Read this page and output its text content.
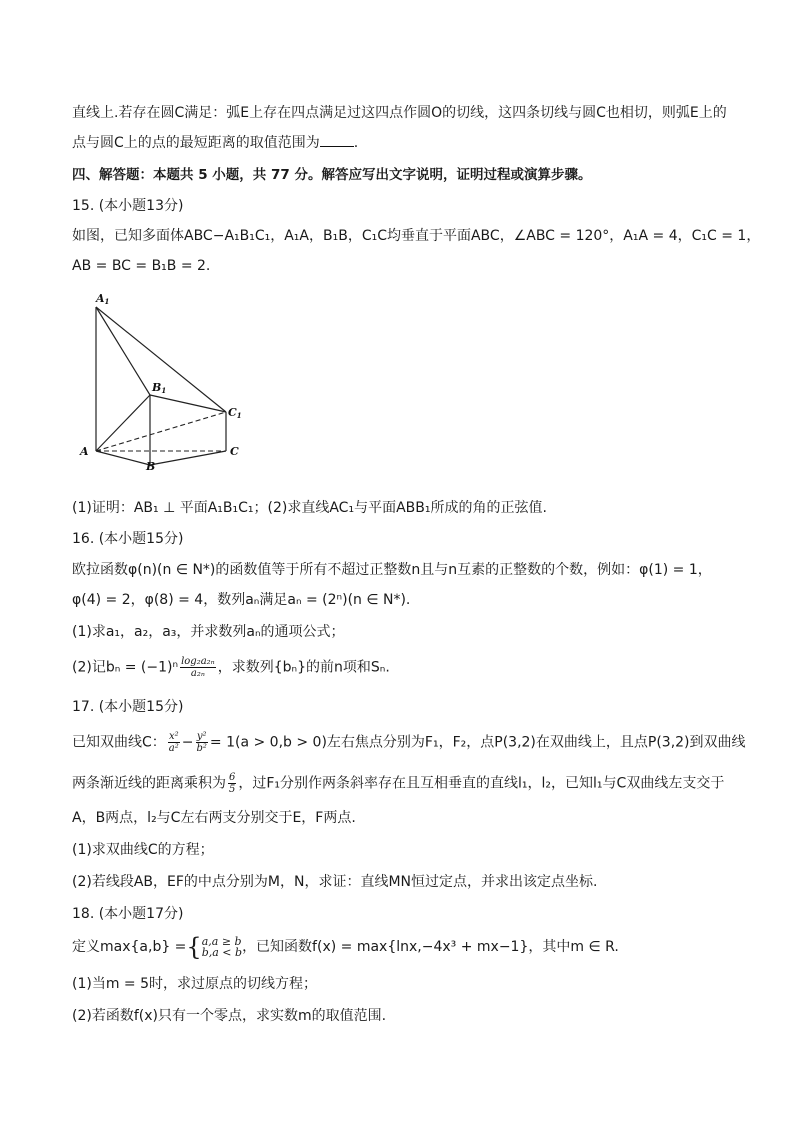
直线上.若存在圆C满足：弧E上存在四点满足过这四点作圆O的切线，这四条切线与圆C也相切，则弧E上的
点与圆C上的点的最短距离的取值范围为 .
四、解答题：本题共 5 小题，共 77 分。解答应写出文字说明，证明过程或演算步骤。
15. (本小题13分)
如图，已知多面体ABC−A₁B₁C₁，A₁A，B₁B，C₁C均垂直于平面ABC，∠ABC = 120°，A₁A = 4，C₁C = 1，
AB = BC = B₁B = 2.
A1
B1
C1
A
B
C
(1)证明：AB₁ ⊥ 平面A₁B₁C₁；(2)求直线AC₁与平面ABB₁所成的角的正弦值.
16. (本小题15分)
欧拉函数φ(n)(n ∈ N*)的函数值等于所有不超过正整数n且与n互素的正整数的个数，例如：φ(1) = 1，
φ(4) = 2，φ(8) = 4，数列aₙ满足aₙ = (2ⁿ)(n ∈ N*).
(1)求a₁，a₂，a₃，并求数列aₙ的通项公式；
(2)记$b_n = (-1)^n \frac{\text{log₂a₂ₙ}}{\text{a₂ₙ}}$ ，求数列{bₙ}的前n项和Sₙ.
17. (本小题15分)
已知双曲线C： $\frac{\text{x²}}{\text{a²}} - \frac{\text{y²}}{\text{b²}} = 1(a > 0,b > 0)$左右焦点分别为F₁，F₂，点P(3,2)在双曲线上，且点P(3,2)到双曲线
两条渐近线的距离乘积为 $\frac{6}{5}$ ，过F₁分别作两条斜率存在且互相垂直的直线l₁，l₂，已知l₁与C双曲线左支交于
A，B两点，l₂与C左右两支分别交于E，F两点.
(1)求双曲线C的方程；
(2)若线段AB，EF的中点分别为M，N，求证：直线MN恒过定点，并求出该定点坐标.
18. (本小题17分)
定义max{a,b} ={ a,a ≥ b
b,a < b ，已知函数f(x) = max{lnx,−4x³ + mx−1}，其中m ∈ R.
(1)当m = 5时，求过原点的切线方程；
(2)若函数f(x)只有一个零点，求实数m的取值范围.
